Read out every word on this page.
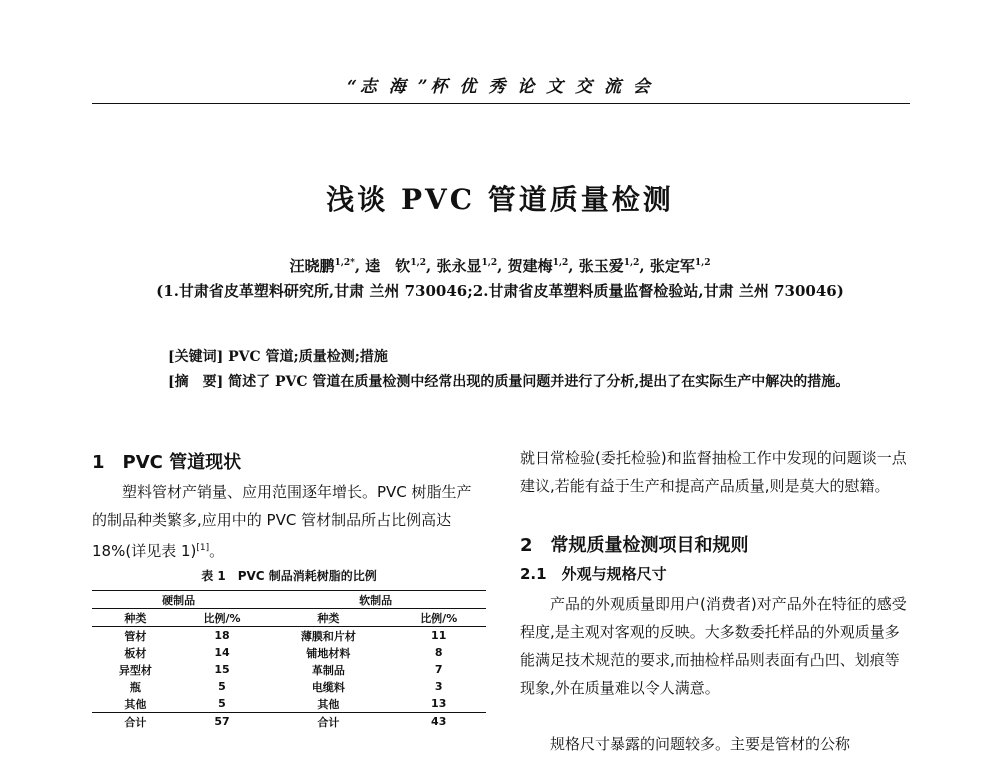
“志 海 ”杯 优 秀 论 文 交 流 会
浅谈 PVC 管道质量检测
汪晓鹏$^{1,2*}$, 逵　钦$^{1,2}$, 张永显$^{1,2}$, 贺建梅$^{1,2}$, 张玉爱$^{1,2}$, 张定军$^{1,2}$
(1.甘肃省皮革塑料研究所,甘肃 兰州 730046;2.甘肃省皮革塑料质量监督检验站,甘肃 兰州 730046)
[关键词] PVC 管道;质量检测;措施
[摘　要] 简述了 PVC 管道在质量检测中经常出现的质量问题并进行了分析,提出了在实际生产中解决的措施。
1　PVC 管道现状
塑料管材产销量、应用范围逐年增长。PVC 树脂生产的制品种类繁多,应用中的 PVC 管材制品所占比例高达 18%(详见表 1)[1]。
表 1　PVC 制品消耗树脂的比例
硬制品		软制品	
种类	比例/%	种类	比例/%
管材	18	薄膜和片材	11
板材	14	铺地材料	8
异型材	15	革制品	7
瓶	5	电缆料	3
其他	5	其他	13
合计	57	合计	43
就日常检验(委托检验)和监督抽检工作中发现的问题谈一点建议,若能有益于生产和提高产品质量,则是莫大的慰籍。
2　常规质量检测项目和规则
2.1　外观与规格尺寸
产品的外观质量即用户(消费者)对产品外在特征的感受程度,是主观对客观的反映。大多数委托样品的外观质量多能满足技术规范的要求,而抽检样品则表面有凸凹、划痕等现象,外在质量难以令人满意。
规格尺寸暴露的问题较多。主要是管材的公称
